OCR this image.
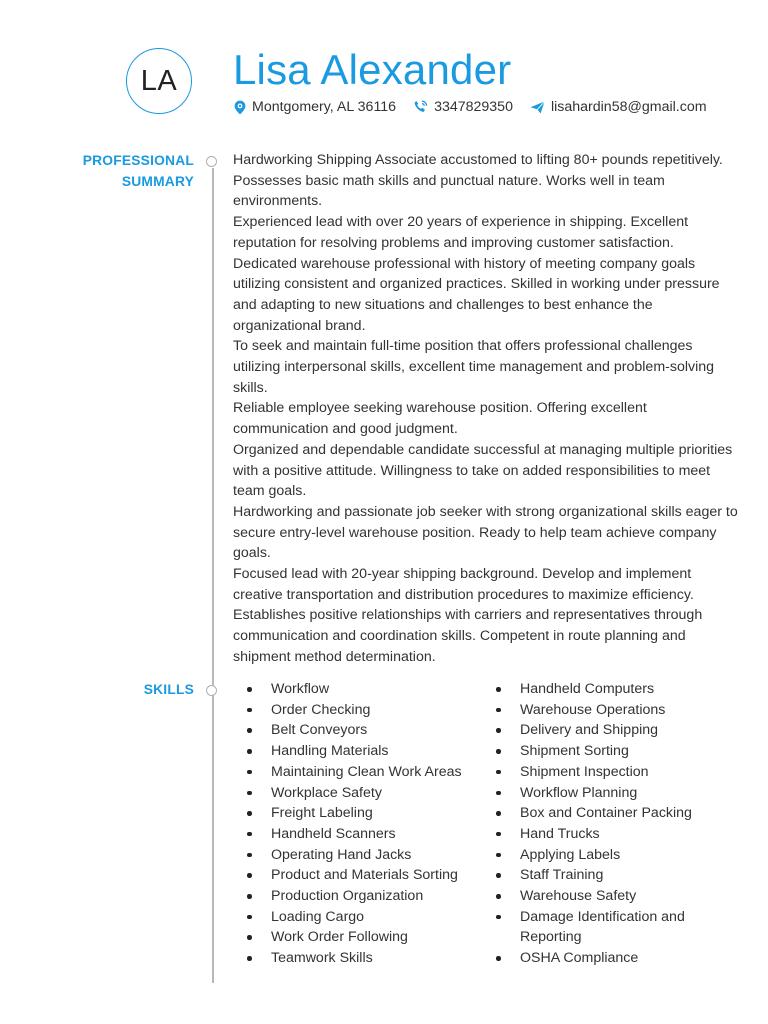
LA Lisa Alexander
Montgomery, AL 36116	3347829350	lisahardin58@gmail.com
PROFESSIONAL
SUMMARY

Hardworking Shipping Associate accustomed to lifting 80+ pounds repetitively. Possesses basic math skills and punctual nature. Works well in team environments.

Experienced lead with over 20 years of experience in shipping. Excellent reputation for resolving problems and improving customer satisfaction.

Dedicated warehouse professional with history of meeting company goals utilizing consistent and organized practices. Skilled in working under pressure and adapting to new situations and challenges to best enhance the organizational brand.

To seek and maintain full-time position that offers professional challenges utilizing interpersonal skills, excellent time management and problem-solving skills.

Reliable employee seeking warehouse position. Offering excellent communication and good judgment.

Organized and dependable candidate successful at managing multiple priorities with a positive attitude. Willingness to take on added responsibilities to meet team goals.

Hardworking and passionate job seeker with strong organizational skills eager to secure entry-level warehouse position. Ready to help team achieve company goals.

Focused lead with 20-year shipping background. Develop and implement creative transportation and distribution procedures to maximize efficiency. Establishes positive relationships with carriers and representatives through communication and coordination skills. Competent in route planning and shipment method determination.

SKILLS	Workflow
Order Checking
Belt Conveyors
Handling Materials
Maintaining Clean Work Areas
Workplace Safety
Freight Labeling
Handheld Scanners
Operating Hand Jacks
Product and Materials Sorting
Production Organization
Loading Cargo
Work Order Following
Teamwork Skills
Handheld Computers
Warehouse Operations
Delivery and Shipping
Shipment Sorting
Shipment Inspection
Workflow Planning
Box and Container Packing
Hand Trucks
Applying Labels
Staff Training
Warehouse Safety
Damage Identification and Reporting
OSHA Compliance
